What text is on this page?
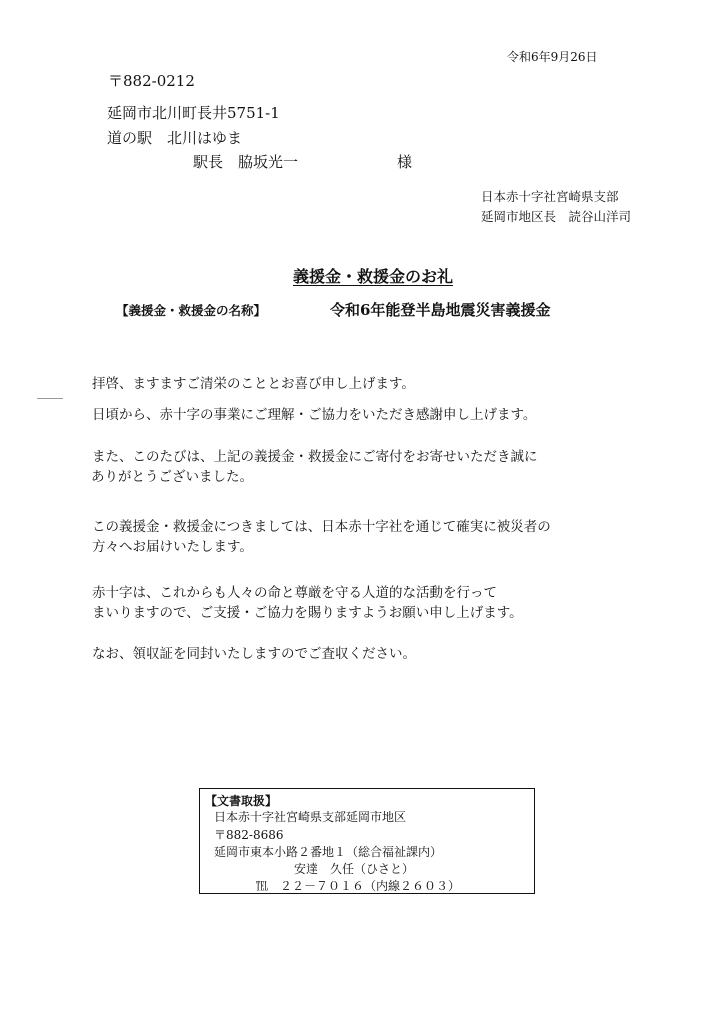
令和6年9月26日
〒882-0212
延岡市北川町長井5751-1
道の駅　北川はゆま
駅長　脇坂光一	様
日本赤十字社宮崎県支部
延岡市地区長　読谷山洋司
義援金・救援金のお礼
【義援金・救援金の名称】	令和6年能登半島地震災害義援金
拝啓、ますますご清栄のこととお喜び申し上げます。
日頃から、赤十字の事業にご理解・ご協力をいただき感謝申し上げます。
また、このたびは、上記の義援金・救援金にご寄付をお寄せいただき誠に
ありがとうございました。
この義援金・救援金につきましては、日本赤十字社を通じて確実に被災者の
方々へお届けいたします。
赤十字は、これからも人々の命と尊厳を守る人道的な活動を行って
まいりますので、ご支援・ご協力を賜りますようお願い申し上げます。
なお、領収証を同封いたしますのでご査収ください。
【文書取扱】
日本赤十字社宮崎県支部延岡市地区
〒882-8686
延岡市東本小路２番地１（総合福祉課内）
安達　久任（ひさと）
℡　２２－７０１６（内線２６０３）
